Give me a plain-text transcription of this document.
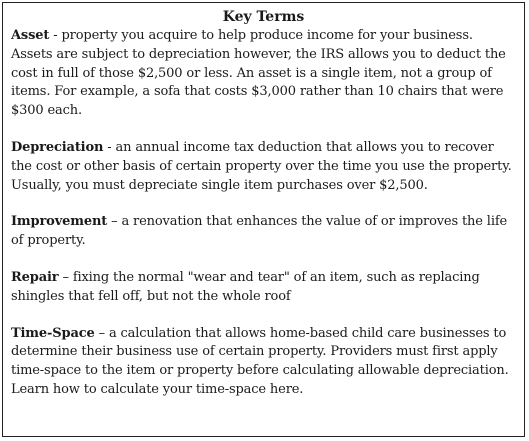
Key Terms

Asset - property you acquire to help produce income for your business. Assets are subject to depreciation however, the IRS allows you to deduct the cost in full of those $2,500 or less. An asset is a single item, not a group of items. For example, a sofa that costs $3,000 rather than 10 chairs that were $300 each.

Depreciation - an annual income tax deduction that allows you to recover the cost or other basis of certain property over the time you use the property. Usually, you must depreciate single item purchases over $2,500.

Improvement – a renovation that enhances the value of or improves the life of property.

Repair – fixing the normal "wear and tear" of an item, such as replacing shingles that fell off, but not the whole roof

Time-Space – a calculation that allows home-based child care businesses to determine their business use of certain property. Providers must first apply time-space to the item or property before calculating allowable depreciation. Learn how to calculate your time-space here.
